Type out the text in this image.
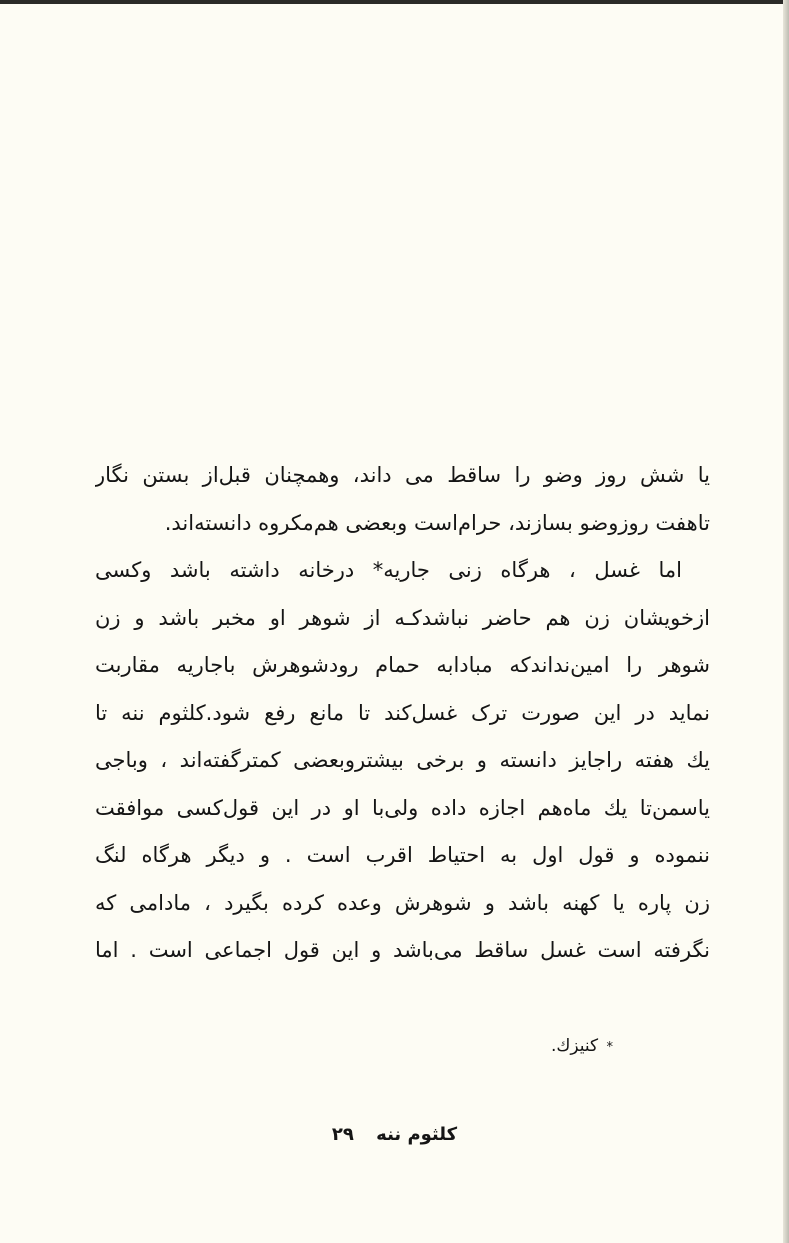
یا شش روز وضو را ساقط می داند، وهمچنان قبل‌از بستن نگار
تاهفت روزوضو بسازند، حرام‌است وبعضی هم‌مکروه دانسته‌اند.
اما غسل ، هرگاه زنی جاریه* درخانه داشته باشد وکسی
ازخویشان زن هم حاضر نباشدکـه از شوهر او مخبر باشد و زن
شوهر را امین‌نداندکه مبادابه حمام رودشوهرش باجاریه مقاربت
نماید در این صورت ترک غسل‌کند تا مانع رفع شود.کلثوم ننه تا
یك هفته راجایز دانسته و برخی بیشتروبعضی کمترگفته‌اند ، وباجی
یاسمن‌تا یك ماه‌هم اجازه داده ولی‌با او در این قول‌کسی موافقت
ننموده و قول اول به احتیاط اقرب است . و دیگر هرگاه لنگ
زن پاره یا کهنه باشد و شوهرش وعده کرده بگیرد ، مادامی که
نگرفته است غسل ساقط می‌باشد و این قول اجماعی است . اما
* کنیزك.
کلثوم ننه ۲۹
